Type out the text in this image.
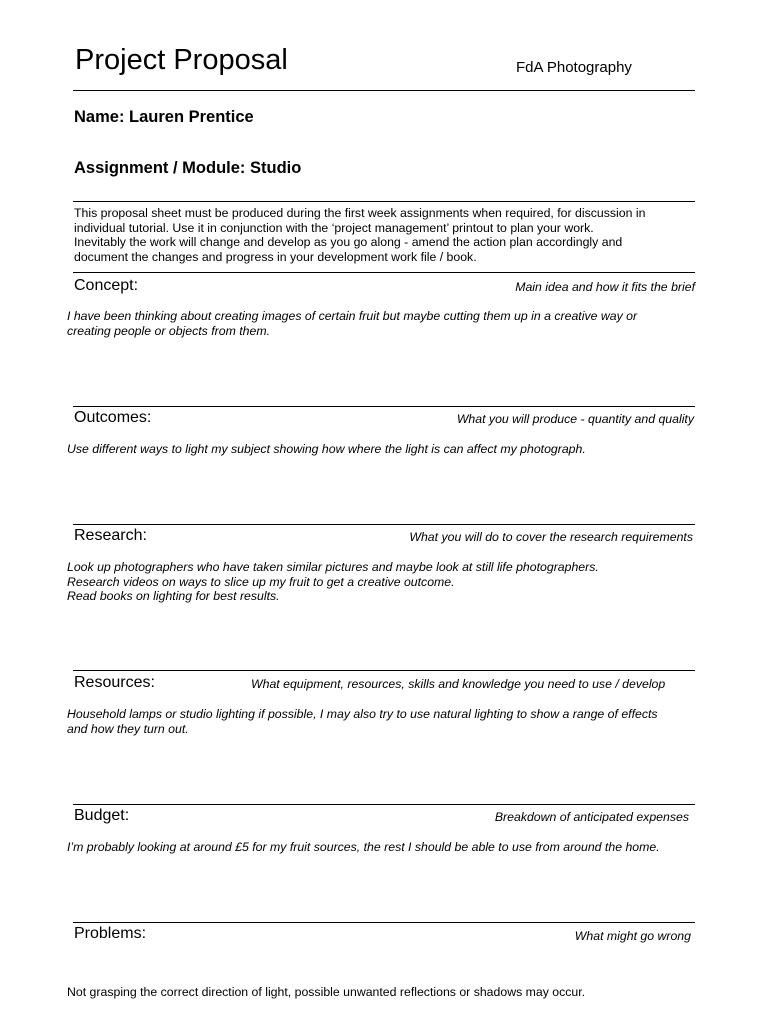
Project Proposal	FdA Photography
Name: Lauren Prentice
Assignment / Module: Studio
This proposal sheet must be produced during the first week assignments when required, for discussion in
individual tutorial. Use it in conjunction with the ‘project management’ printout to plan your work.
Inevitably the work will change and develop as you go along - amend the action plan accordingly and
document the changes and progress in your development work file / book.
Concept:	Main idea and how it fits the brief
I have been thinking about creating images of certain fruit but maybe cutting them up in a creative way or
creating people or objects from them.
Outcomes:	What you will produce - quantity and quality
Use different ways to light my subject showing how where the light is can affect my photograph.
Research:	What you will do to cover the research requirements
Look up photographers who have taken similar pictures and maybe look at still life photographers.
Research videos on ways to slice up my fruit to get a creative outcome.
Read books on lighting for best results.
Resources:	What equipment, resources, skills and knowledge you need to use / develop
Household lamps or studio lighting if possible, I may also try to use natural lighting to show a range of effects
and how they turn out.
Budget:	Breakdown of anticipated expenses
I’m probably looking at around £5 for my fruit sources, the rest I should be able to use from around the home.
Problems:	What might go wrong
Not grasping the correct direction of light, possible unwanted reflections or shadows may occur.
